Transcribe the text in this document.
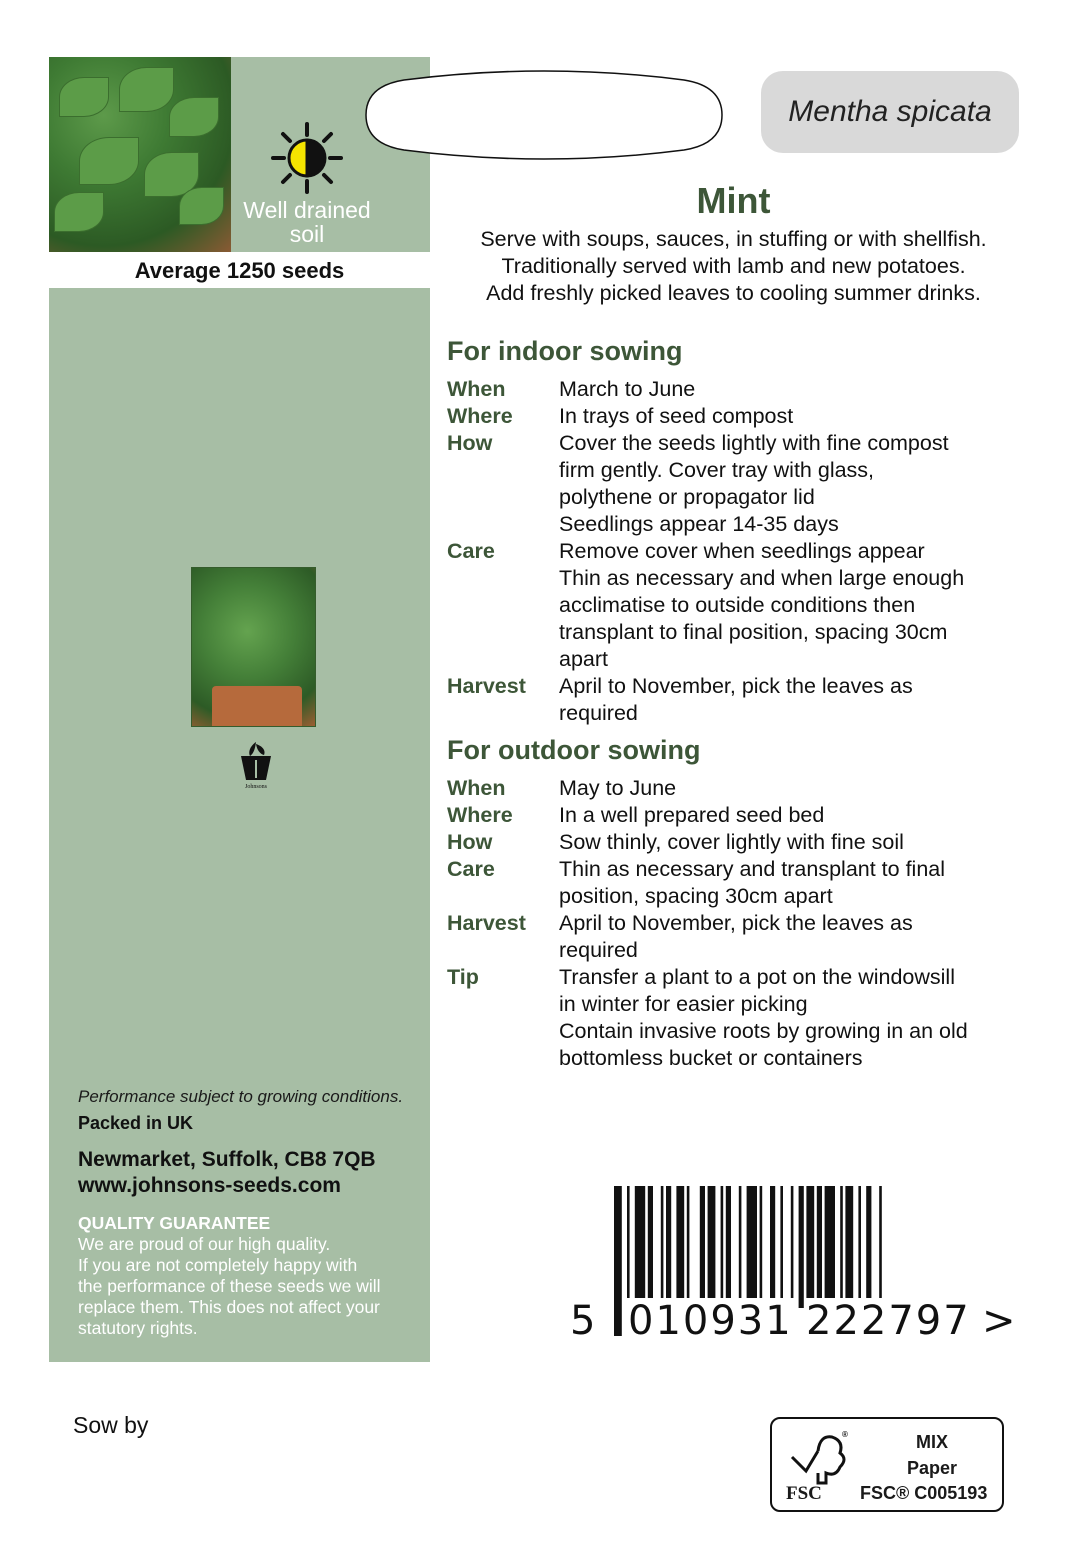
Well drained soil
Average 1250 seeds
Johnsons
Performance subject to growing conditions.
Packed in UK
Newmarket, Suffolk, CB8 7QB
www.johnsons-seeds.com
QUALITY GUARANTEE
We are proud of our high quality.
If you are not completely happy with
the performance of these seeds we will
replace them. This does not affect your
statutory rights.
Mentha spicata
Mint
Serve with soups, sauces, in stuffing or with shellfish.
Traditionally served with lamb and new potatoes.
Add freshly picked leaves to cooling summer drinks.
For indoor sowing
When	March to June
Where	In trays of seed compost
How	Cover the seeds lightly with fine compost
firm gently. Cover tray with glass,
polythene or propagator lid
Seedlings appear 14-35 days
Care	Remove cover when seedlings appear
Thin as necessary and when large enough
acclimatise to outside conditions then
transplant to final position, spacing 30cm
apart
Harvest	April to November, pick the leaves as
required
For outdoor sowing
When	May to June
Where	In a well prepared seed bed
How	Sow thinly, cover lightly with fine soil
Care	Thin as necessary and transplant to final
position, spacing 30cm apart
Harvest	April to November, pick the leaves as
required
Tip	Transfer a plant to a pot on the windowsill
in winter for easier picking
Contain invasive roots by growing in an old
bottomless bucket or containers
5 010931 222797 >
Sow by	®
FSC
MIX
Paper
FSC® C005193
